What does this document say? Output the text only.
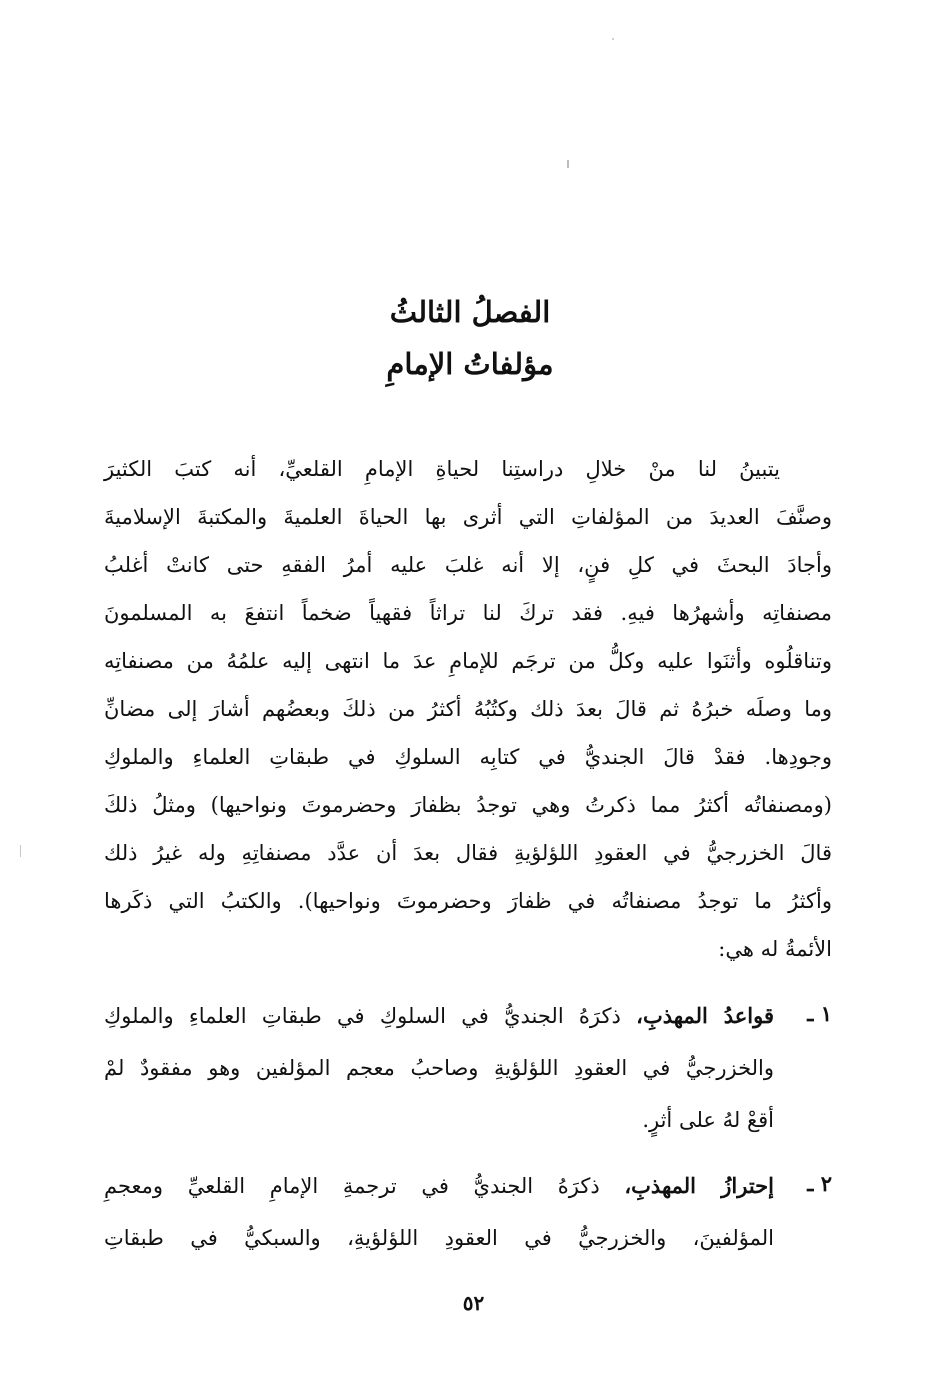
الفصلُ الثالثُ
مؤلفاتُ الإمامِ
يتبينُ لنا منْ خلالِ دراستِنا لحياةِ الإمامِ القلعيِّ، أنه كتبَ الكثيرَ
وصنَّفَ العديدَ من المؤلفاتِ التي أثرى بها الحياةَ العلميةَ والمكتبةَ الإسلاميةَ
وأجادَ البحثَ في كلِ فنٍ، إلا أنه غلبَ عليه أمرُ الفقهِ حتى كانتْ أغلبُ
مصنفاتِه وأشهرُها فيهِ. فقد تركَ لنا تراثاً فقهياً ضخماً انتفعَ به المسلمونَ
وتناقلُوه وأثنَوا عليه وكلُّ من ترجَم للإمامِ عدَ ما انتهى إليه علمُهُ من مصنفاتِه
وما وصلَه خبرُهُ ثم قالَ بعدَ ذلك وكتُبُهُ أكثرُ من ذلكَ وبعضُهم أشارَ إلى مضانِّ
وجودِها. فقدْ قالَ الجنديُّ في كتابِه السلوكِ في طبقاتِ العلماءِ والملوكِ
(ومصنفاتُه أكثرُ مما ذكرتُ وهي توجدُ بظفارَ وحضرموتَ ونواحيها) ومثلُ ذلكَ
قالَ الخزرجيُّ في العقودِ اللؤلؤيةِ فقال بعدَ أن عدَّد مصنفاتِهِ وله غيرُ ذلك
وأكثرُ ما توجدُ مصنفاتُه في ظفارَ وحضرموتَ ونواحيها). والكتبُ التي ذكَرها
الأئمةُ له هي:
١ ـ
قواعدُ المهذبِ، ذكرَهُ الجنديُّ في السلوكِ في طبقاتِ العلماءِ والملوكِ
والخزرجيُّ في العقودِ اللؤلؤيةِ وصاحبُ معجم المؤلفين وهو مفقودٌ لمْ
أقعْ لهُ على أثرٍ.
٢ ـ
إحترازُ المهذبِ، ذكرَهُ الجنديُّ في ترجمةِ الإمامِ القلعيِّ ومعجمِ
المؤلفينَ، والخزرجيُّ في العقودِ اللؤلؤيةِ، والسبكيُّ في طبقاتِ
٥٢
